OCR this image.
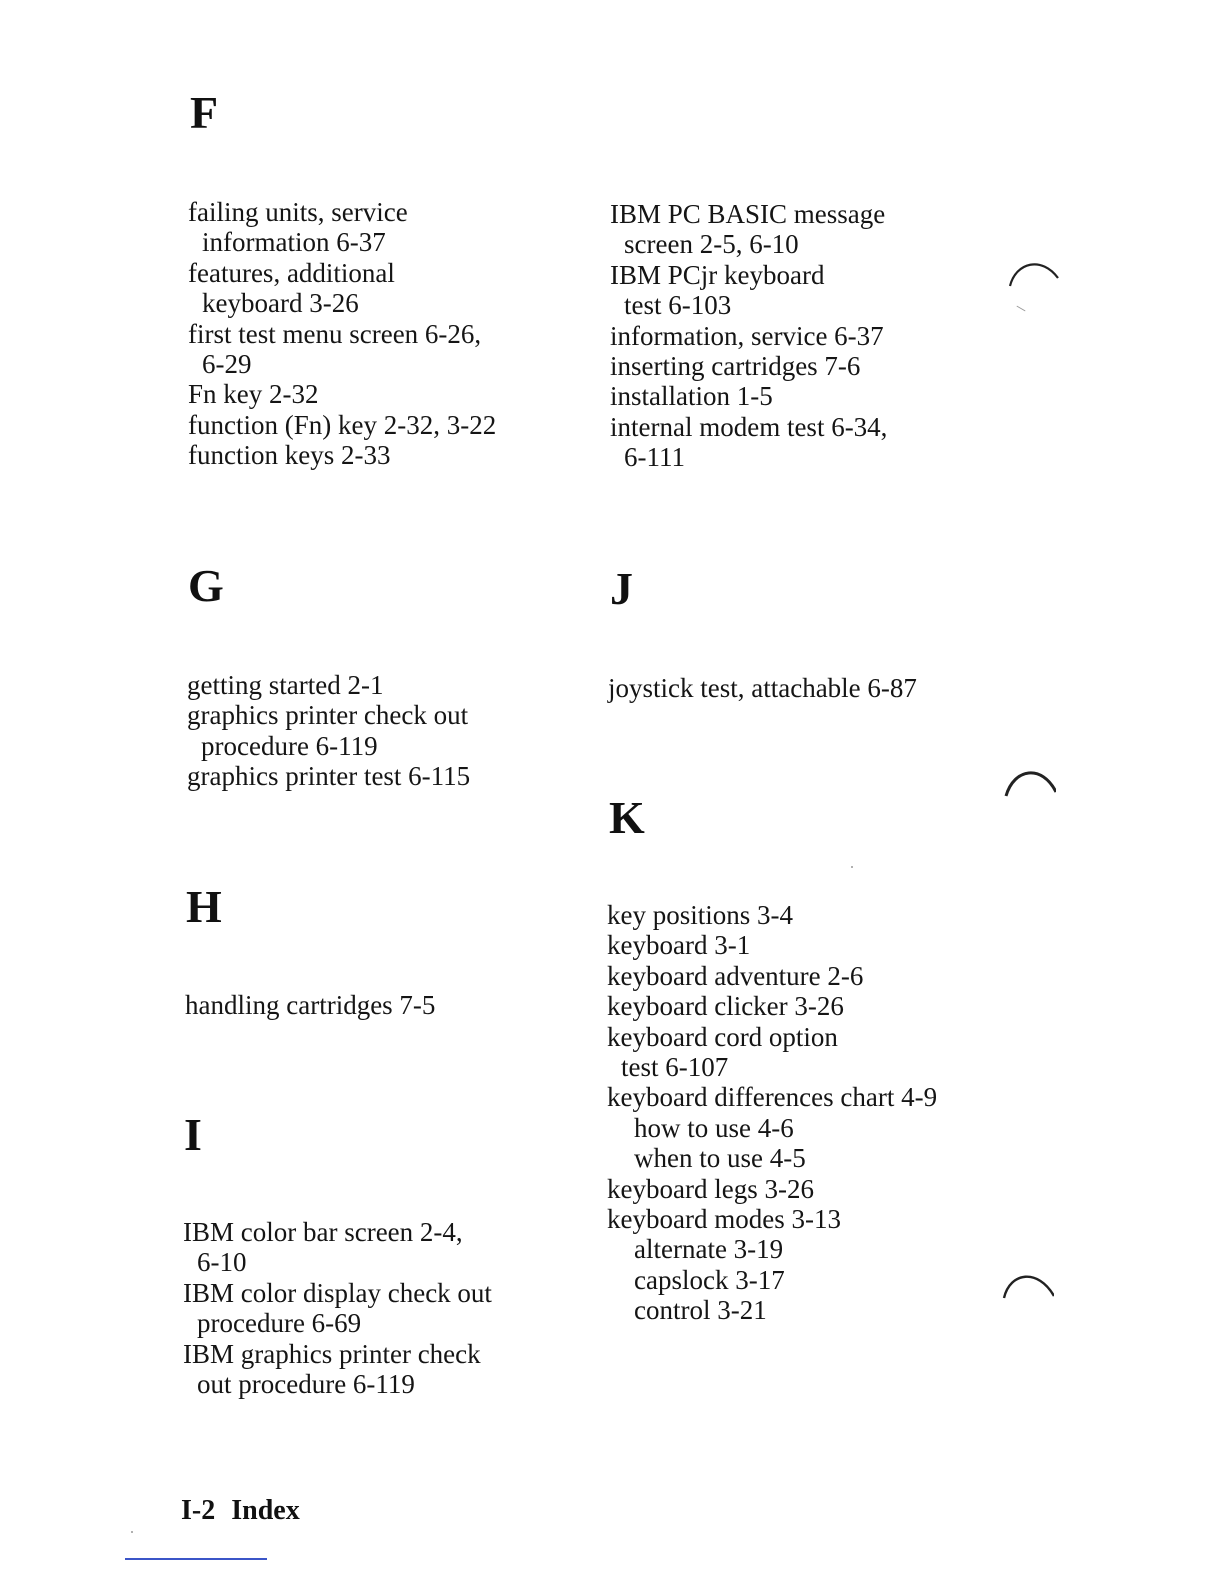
F
failing units, service
information 6-37
features, additional
keyboard 3-26
first test menu screen 6-26,
6-29
Fn key 2-32
function (Fn) key 2-32, 3-22
function keys 2-33
IBM PC BASIC message
screen 2-5, 6-10
IBM PCjr keyboard
test 6-103
information, service 6-37
inserting cartridges 7-6
installation 1-5
internal modem test 6-34,
6-111
G
getting started 2-1
graphics printer check out
procedure 6-119
graphics printer test 6-115
J
joystick test, attachable 6-87
H
handling cartridges 7-5
K
key positions 3-4
keyboard 3-1
keyboard adventure 2-6
keyboard clicker 3-26
keyboard cord option
test 6-107
keyboard differences chart 4-9
how to use 4-6
when to use 4-5
keyboard legs 3-26
keyboard modes 3-13
alternate 3-19
capslock 3-17
control 3-21
I
IBM color bar screen 2-4,
6-10
IBM color display check out
procedure 6-69
IBM graphics printer check
out procedure 6-119
I-2 Index
